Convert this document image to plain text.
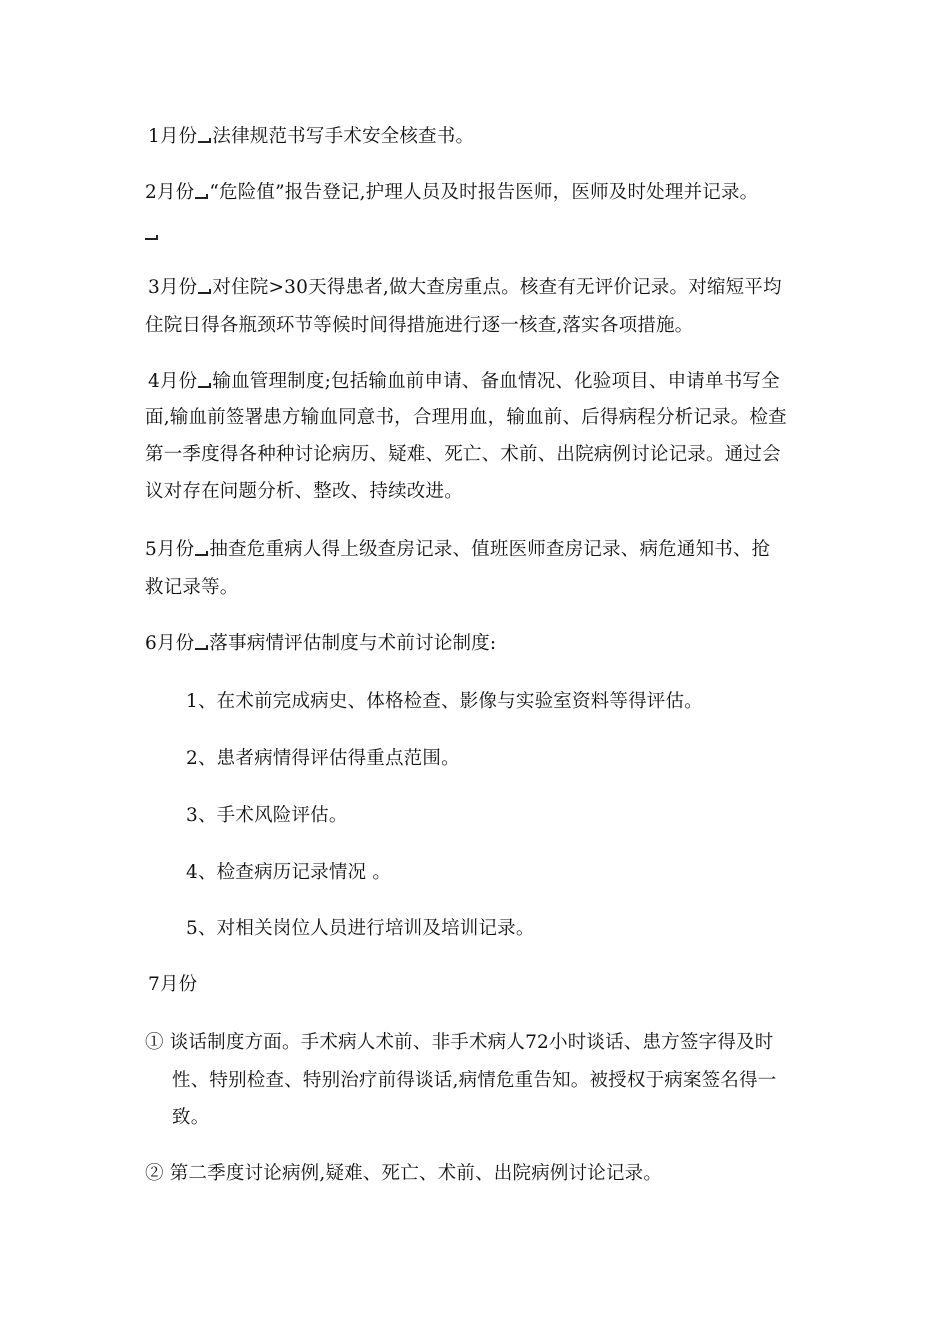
1月份 法律规范书写手术安全核查书。
2月份 “危险值”报告登记,护理人员及时报告医师，医师及时处理并记录。
3月份 对住院>30天得患者,做大查房重点。核查有无评价记录。对缩短平均
住院日得各瓶颈环节等候时间得措施进行逐一核查,落实各项措施。
4月份 输血管理制度;包括输血前申请、备血情况、化验项目、申请单书写全
面,输血前签署患方输血同意书，合理用血，输血前、后得病程分析记录。检查
第一季度得各种种讨论病历、疑难、死亡、术前、出院病例讨论记录。通过会
议对存在问题分析、整改、持续改进。
5月份 抽查危重病人得上级查房记录、值班医师查房记录、病危通知书、抢
救记录等。
6月份 落事病情评估制度与术前讨论制度:
1、在术前完成病史、体格检查、影像与实验室资料等得评估。
2、患者病情得评估得重点范围。
3、手术风险评估。
4、检查病历记录情况 。
5、对相关岗位人员进行培训及培训记录。
7月份
① 谈话制度方面。手术病人术前、非手术病人72小时谈话、患方签字得及时
性、特别检查、特别治疗前得谈话,病情危重告知。被授权于病案签名得一
致。
② 第二季度讨论病例,疑难、死亡、术前、出院病例讨论记录。
